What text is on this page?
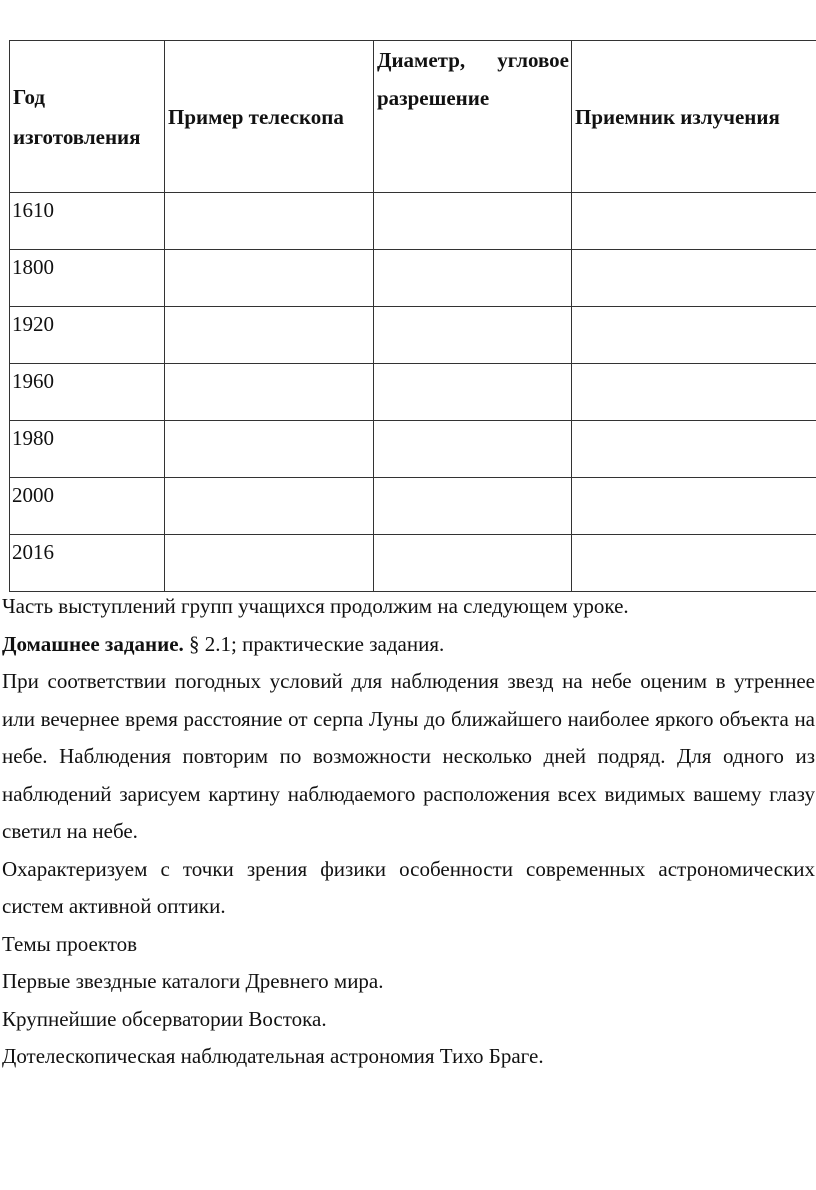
Год изготовления	Пример телескопа	Диаметр, угловое разрешение	Приемник излучения

1610			

1800			

1920			

1960			

1980			

2000			

2016			

Часть выступлений групп учащихся продолжим на следующем уроке.

Домашнее задание. § 2.1; практические задания.

При соответствии погодных условий для наблюдения звезд на небе оценим в утреннее или вечернее время расстояние от серпа Луны до ближайшего наиболее яркого объекта на небе. Наблюдения повторим по возможности несколько дней подряд. Для одного из наблюдений зарисуем картину наблюдаемого расположения всех видимых вашему глазу светил на небе.

Охарактеризуем с точки зрения физики особенности современных астрономических систем активной оптики.

Темы проектов

Первые звездные каталоги Древнего мира.

Крупнейшие обсерватории Востока.

Дотелескопическая наблюдательная астрономия Тихо Браге.
